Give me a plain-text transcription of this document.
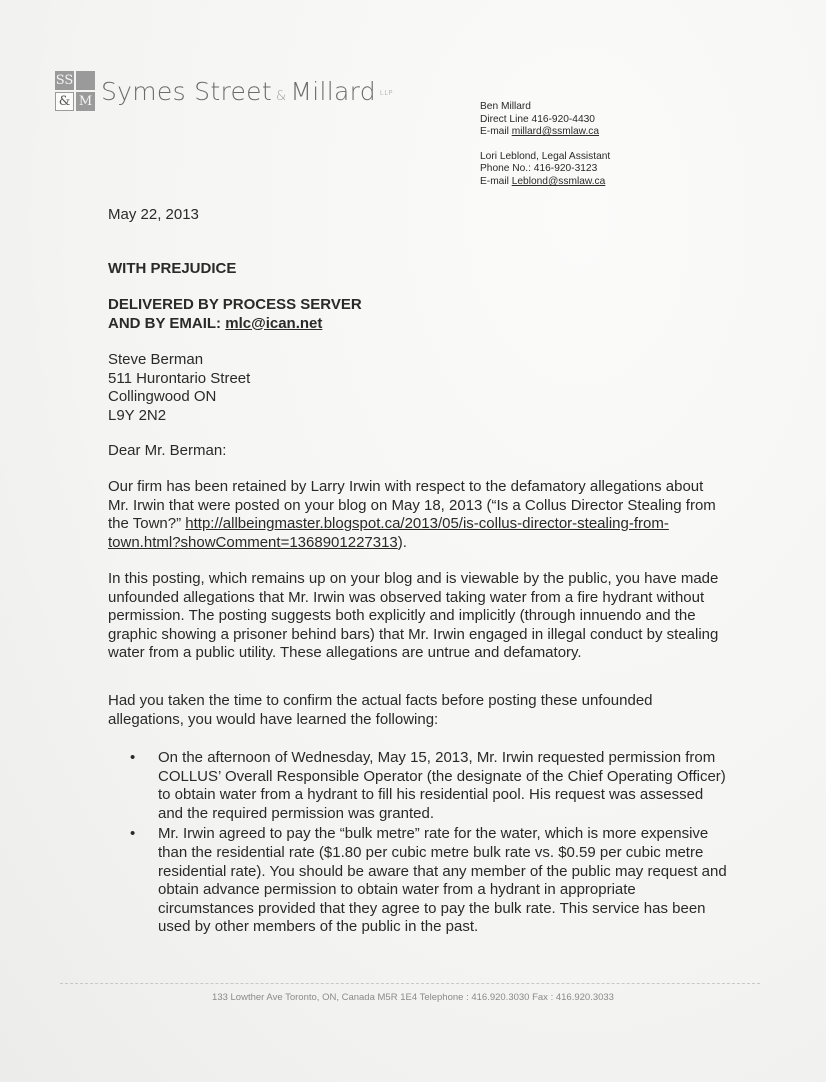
SS
& M Symes Street & Millard LLP
Ben Millard
Direct Line 416-920-4430
E-mail millard@ssmlaw.ca
Lori Leblond, Legal Assistant
Phone No.: 416-920-3123
E-mail Leblond@ssmlaw.ca
May 22, 2013
WITH PREJUDICE
DELIVERED BY PROCESS SERVER
AND BY EMAIL: mlc@ican.net
Steve Berman
511 Hurontario Street
Collingwood ON
L9Y 2N2
Dear Mr. Berman:
Our firm has been retained by Larry Irwin with respect to the defamatory allegations about Mr. Irwin that were posted on your blog on May 18, 2013 (“Is a Collus Director Stealing from the Town?” http://allbeingmaster.blogspot.ca/2013/05/is-collus-director-stealing-from-town.html?showComment=1368901227313).
In this posting, which remains up on your blog and is viewable by the public, you have made unfounded allegations that Mr. Irwin was observed taking water from a fire hydrant without permission. The posting suggests both explicitly and implicitly (through innuendo and the graphic showing a prisoner behind bars) that Mr. Irwin engaged in illegal conduct by stealing water from a public utility. These allegations are untrue and defamatory.
Had you taken the time to confirm the actual facts before posting these unfounded allegations, you would have learned the following:
• On the afternoon of Wednesday, May 15, 2013, Mr. Irwin requested permission from COLLUS’ Overall Responsible Operator (the designate of the Chief Operating Officer) to obtain water from a hydrant to fill his residential pool. His request was assessed and the required permission was granted.
• Mr. Irwin agreed to pay the “bulk metre” rate for the water, which is more expensive than the residential rate ($1.80 per cubic metre bulk rate vs. $0.59 per cubic metre residential rate). You should be aware that any member of the public may request and obtain advance permission to obtain water from a hydrant in appropriate circumstances provided that they agree to pay the bulk rate. This service has been used by other members of the public in the past.
133 Lowther Ave Toronto, ON, Canada M5R 1E4 Telephone : 416.920.3030 Fax : 416.920.3033
